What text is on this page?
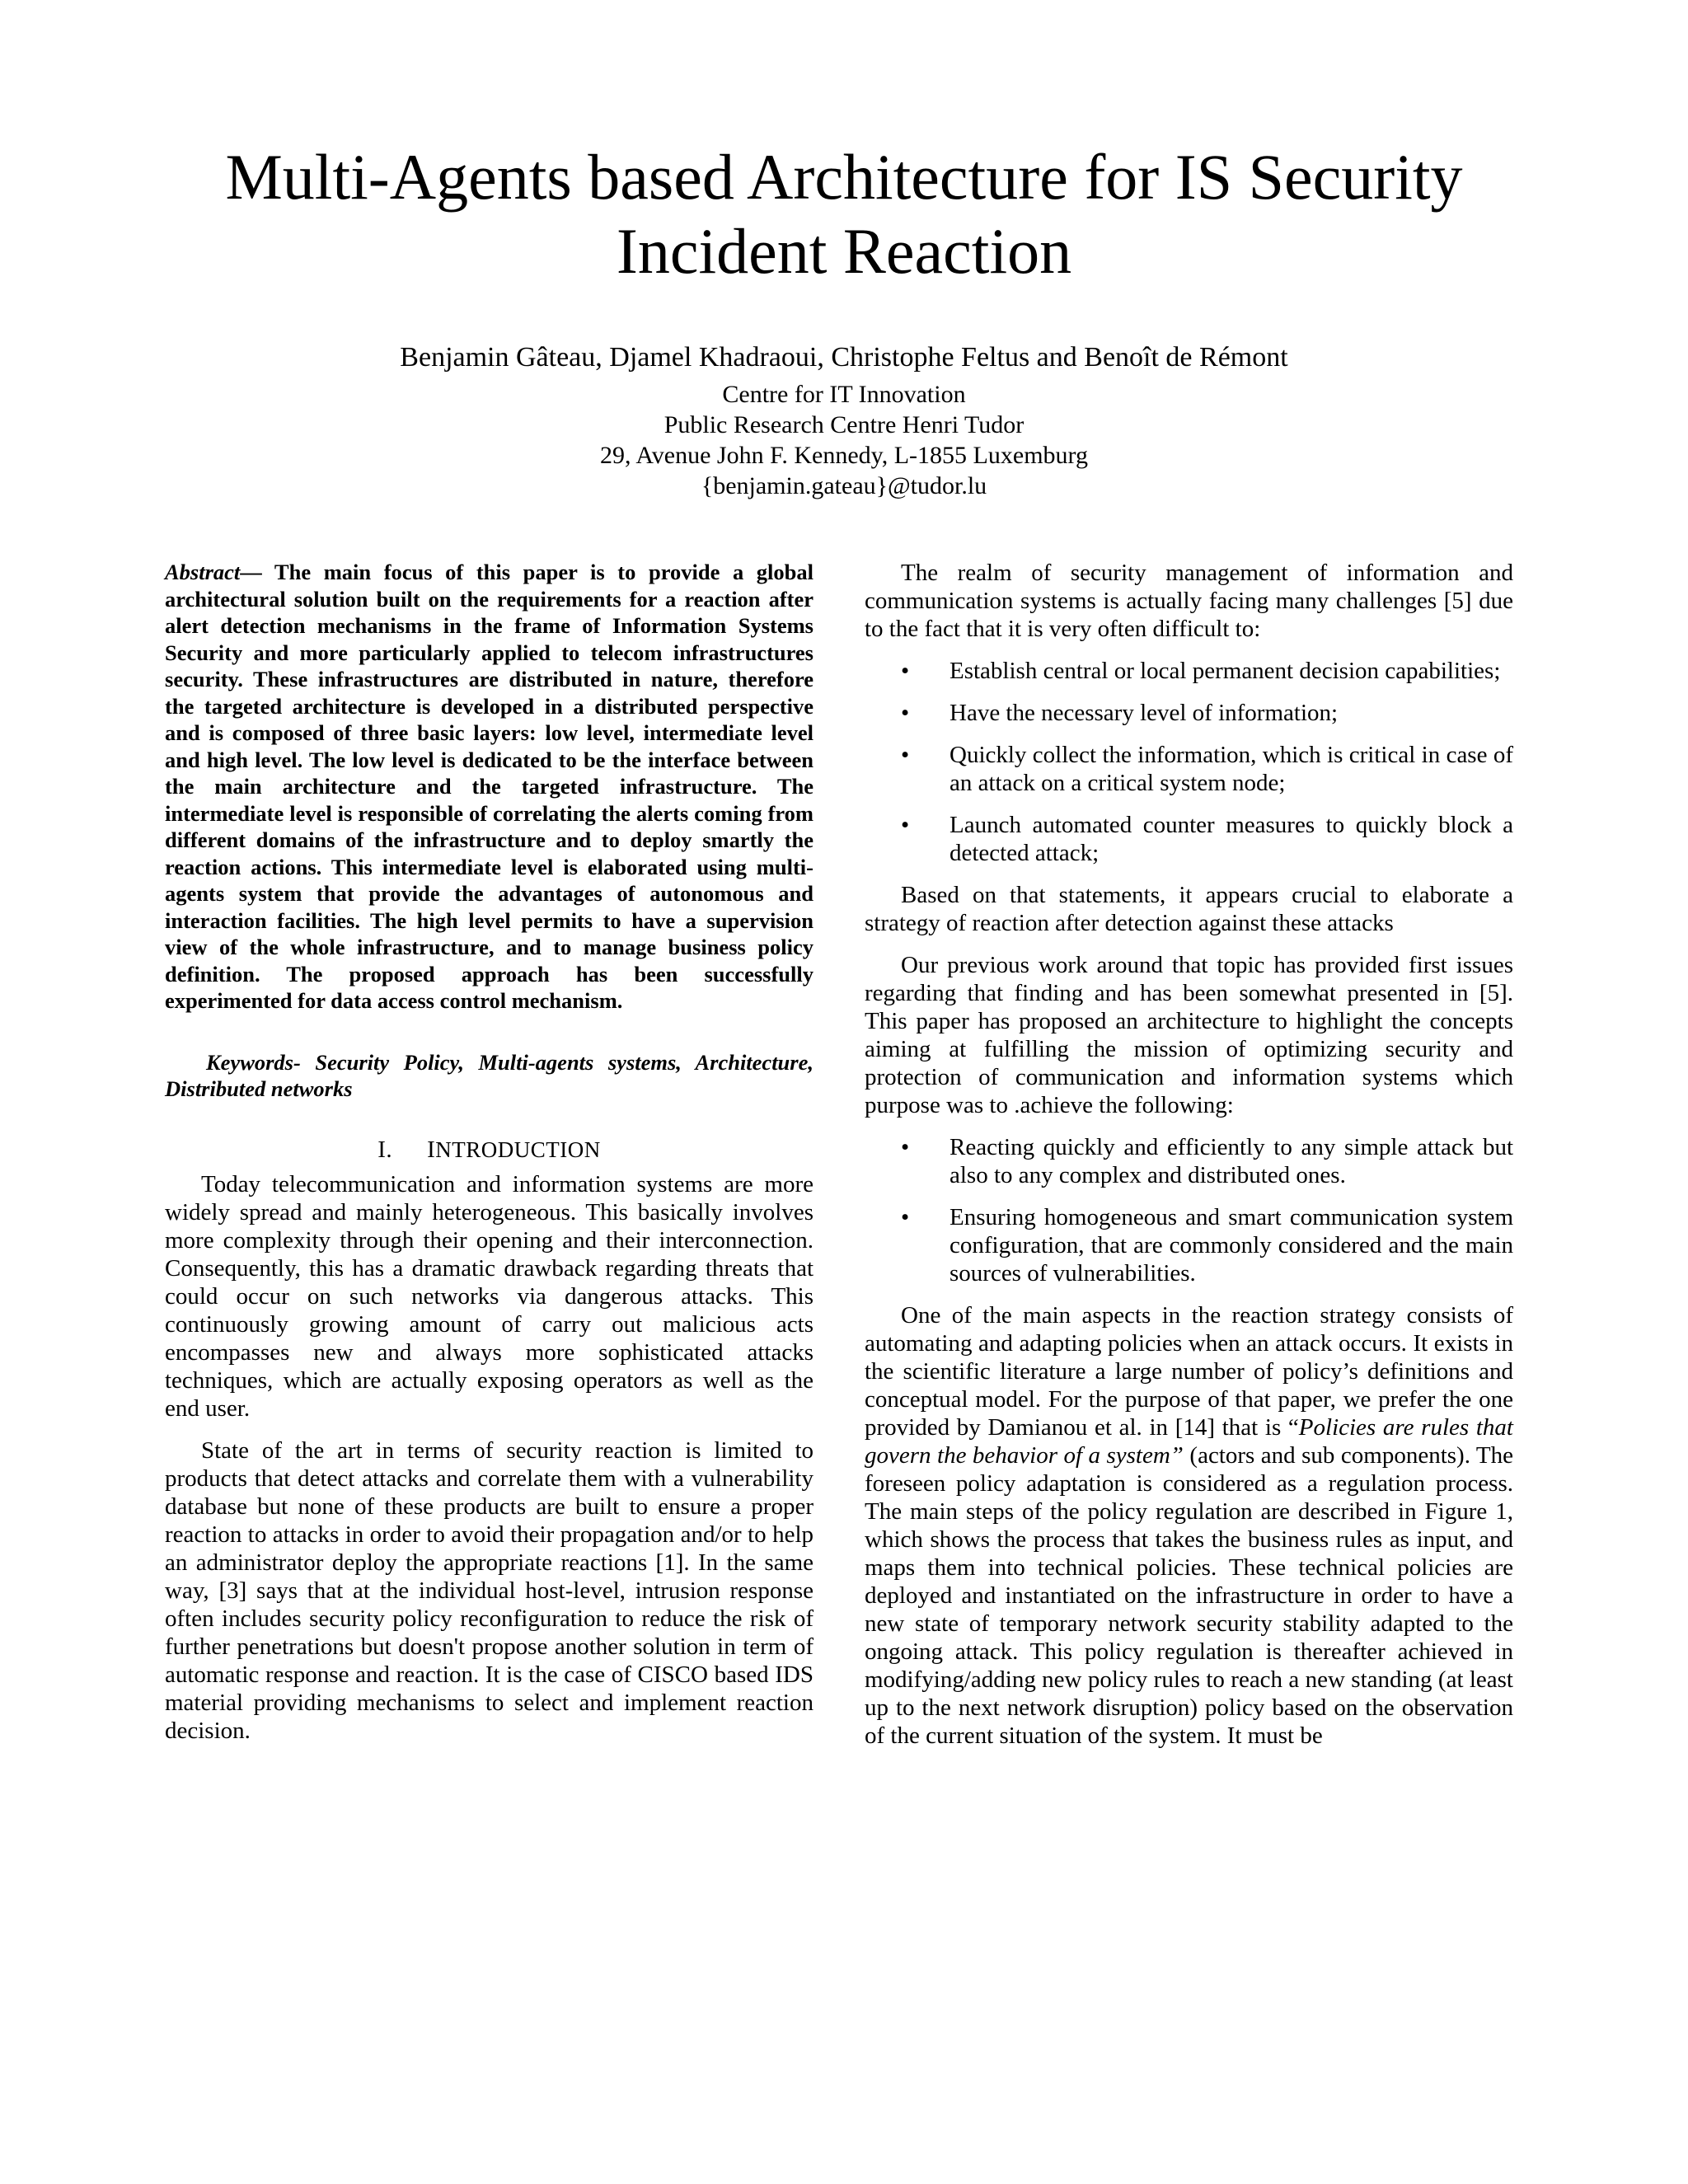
Multi-Agents based Architecture for IS Security
Incident Reaction
Benjamin Gâteau, Djamel Khadraoui, Christophe Feltus and Benoît de Rémont
Centre for IT Innovation
Public Research Centre Henri Tudor
29, Avenue John F. Kennedy, L-1855 Luxemburg
{benjamin.gateau}@tudor.lu

Abstract— The main focus of this paper is to provide a global architectural solution built on the requirements for a reaction after alert detection mechanisms in the frame of Information Systems Security and more particularly applied to telecom infrastructures security. These infrastructures are distributed in nature, therefore the targeted architecture is developed in a distributed perspective and is composed of three basic layers: low level, intermediate level and high level. The low level is dedicated to be the interface between the main architecture and the targeted infrastructure. The intermediate level is responsible of correlating the alerts coming from different domains of the infrastructure and to deploy smartly the reaction actions. This intermediate level is elaborated using multi-agents system that provide the advantages of autonomous and interaction facilities. The high level permits to have a supervision view of the whole infrastructure, and to manage business policy definition. The proposed approach has been successfully experimented for data access control mechanism.

Keywords- Security Policy, Multi-agents systems, Architecture, Distributed networks

I. INTRODUCTION

Today telecommunication and information systems are more widely spread and mainly heterogeneous. This basically involves more complexity through their opening and their interconnection. Consequently, this has a dramatic drawback regarding threats that could occur on such networks via dangerous attacks. This continuously growing amount of carry out malicious acts encompasses new and always more sophisticated attacks techniques, which are actually exposing operators as well as the end user.

State of the art in terms of security reaction is limited to products that detect attacks and correlate them with a vulnerability database but none of these products are built to ensure a proper reaction to attacks in order to avoid their propagation and/or to help an administrator deploy the appropriate reactions [1]. In the same way, [3] says that at the individual host-level, intrusion response often includes security policy reconfiguration to reduce the risk of further penetrations but doesn't propose another solution in term of automatic response and reaction. It is the case of CISCO based IDS material providing mechanisms to select and implement reaction decision.

The realm of security management of information and communication systems is actually facing many challenges [5] due to the fact that it is very often difficult to:

• Establish central or local permanent decision capabilities;
• Have the necessary level of information;
• Quickly collect the information, which is critical in case of an attack on a critical system node;
• Launch automated counter measures to quickly block a detected attack;

Based on that statements, it appears crucial to elaborate a strategy of reaction after detection against these attacks

Our previous work around that topic has provided first issues regarding that finding and has been somewhat presented in [5]. This paper has proposed an architecture to highlight the concepts aiming at fulfilling the mission of optimizing security and protection of communication and information systems which purpose was to .achieve the following:

• Reacting quickly and efficiently to any simple attack but also to any complex and distributed ones.
• Ensuring homogeneous and smart communication system configuration, that are commonly considered and the main sources of vulnerabilities.

One of the main aspects in the reaction strategy consists of automating and adapting policies when an attack occurs. It exists in the scientific literature a large number of policy’s definitions and conceptual model. For the purpose of that paper, we prefer the one provided by Damianou et al. in [14] that is “Policies are rules that govern the behavior of a system” (actors and sub components). The foreseen policy adaptation is considered as a regulation process. The main steps of the policy regulation are described in Figure 1, which shows the process that takes the business rules as input, and maps them into technical policies. These technical policies are deployed and instantiated on the infrastructure in order to have a new state of temporary network security stability adapted to the ongoing attack. This policy regulation is thereafter achieved in modifying/adding new policy rules to reach a new standing (at least up to the next network disruption) policy based on the observation of the current situation of the system. It must be
